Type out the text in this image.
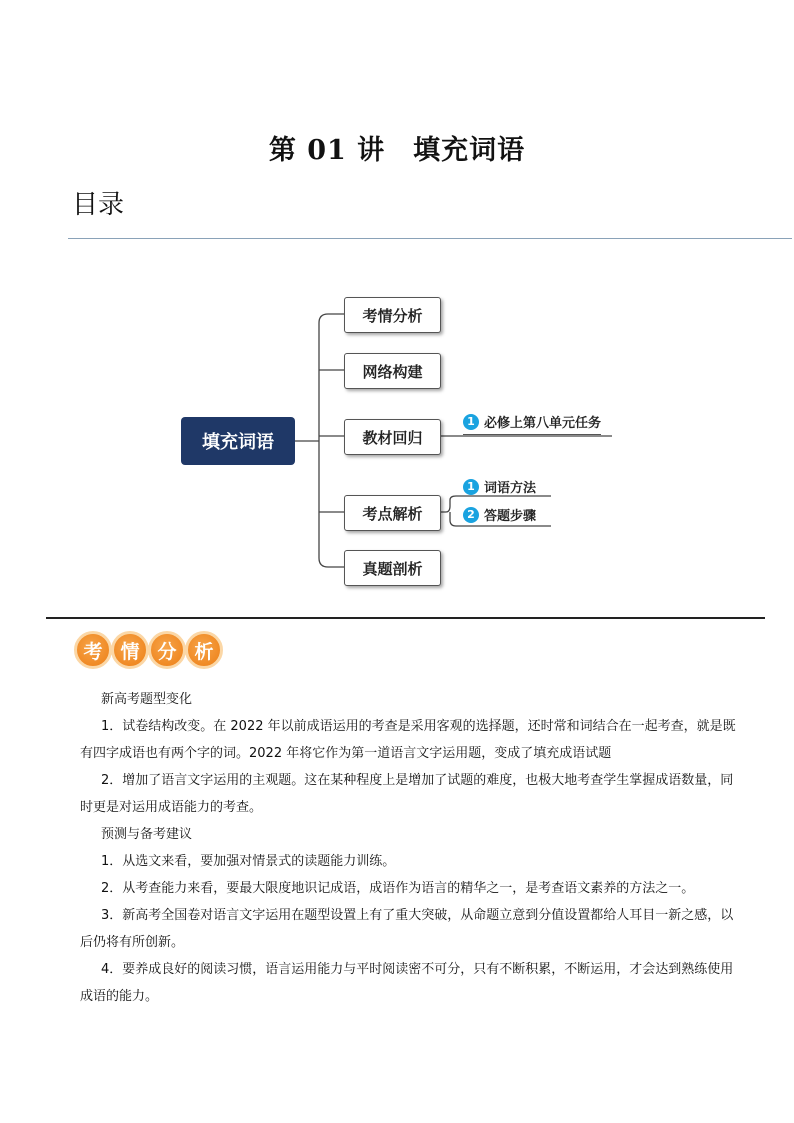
第 01 讲　填充词语
目录
填充词语
考情分析
网络构建
教材回归
考点解析
真题剖析
1 必修上第八单元任务
1 词语方法
2 答题步骤
考 情 分 析

新高考题型变化

1．试卷结构改变。在 2022 年以前成语运用的考查是采用客观的选择题，还时常和词结合在一起考查，就是既有四字成语也有两个字的词。2022 年将它作为第一道语言文字运用题，变成了填充成语试题

2．增加了语言文字运用的主观题。这在某种程度上是增加了试题的难度，也极大地考查学生掌握成语数量，同时更是对运用成语能力的考查。

预测与备考建议

1．从选文来看，要加强对情景式的读题能力训练。

2．从考查能力来看，要最大限度地识记成语，成语作为语言的精华之一，是考查语文素养的方法之一。

3．新高考全国卷对语言文字运用在题型设置上有了重大突破，从命题立意到分值设置都给人耳目一新之感，以后仍将有所创新。

4．要养成良好的阅读习惯，语言运用能力与平时阅读密不可分，只有不断积累，不断运用，才会达到熟练使用成语的能力。
